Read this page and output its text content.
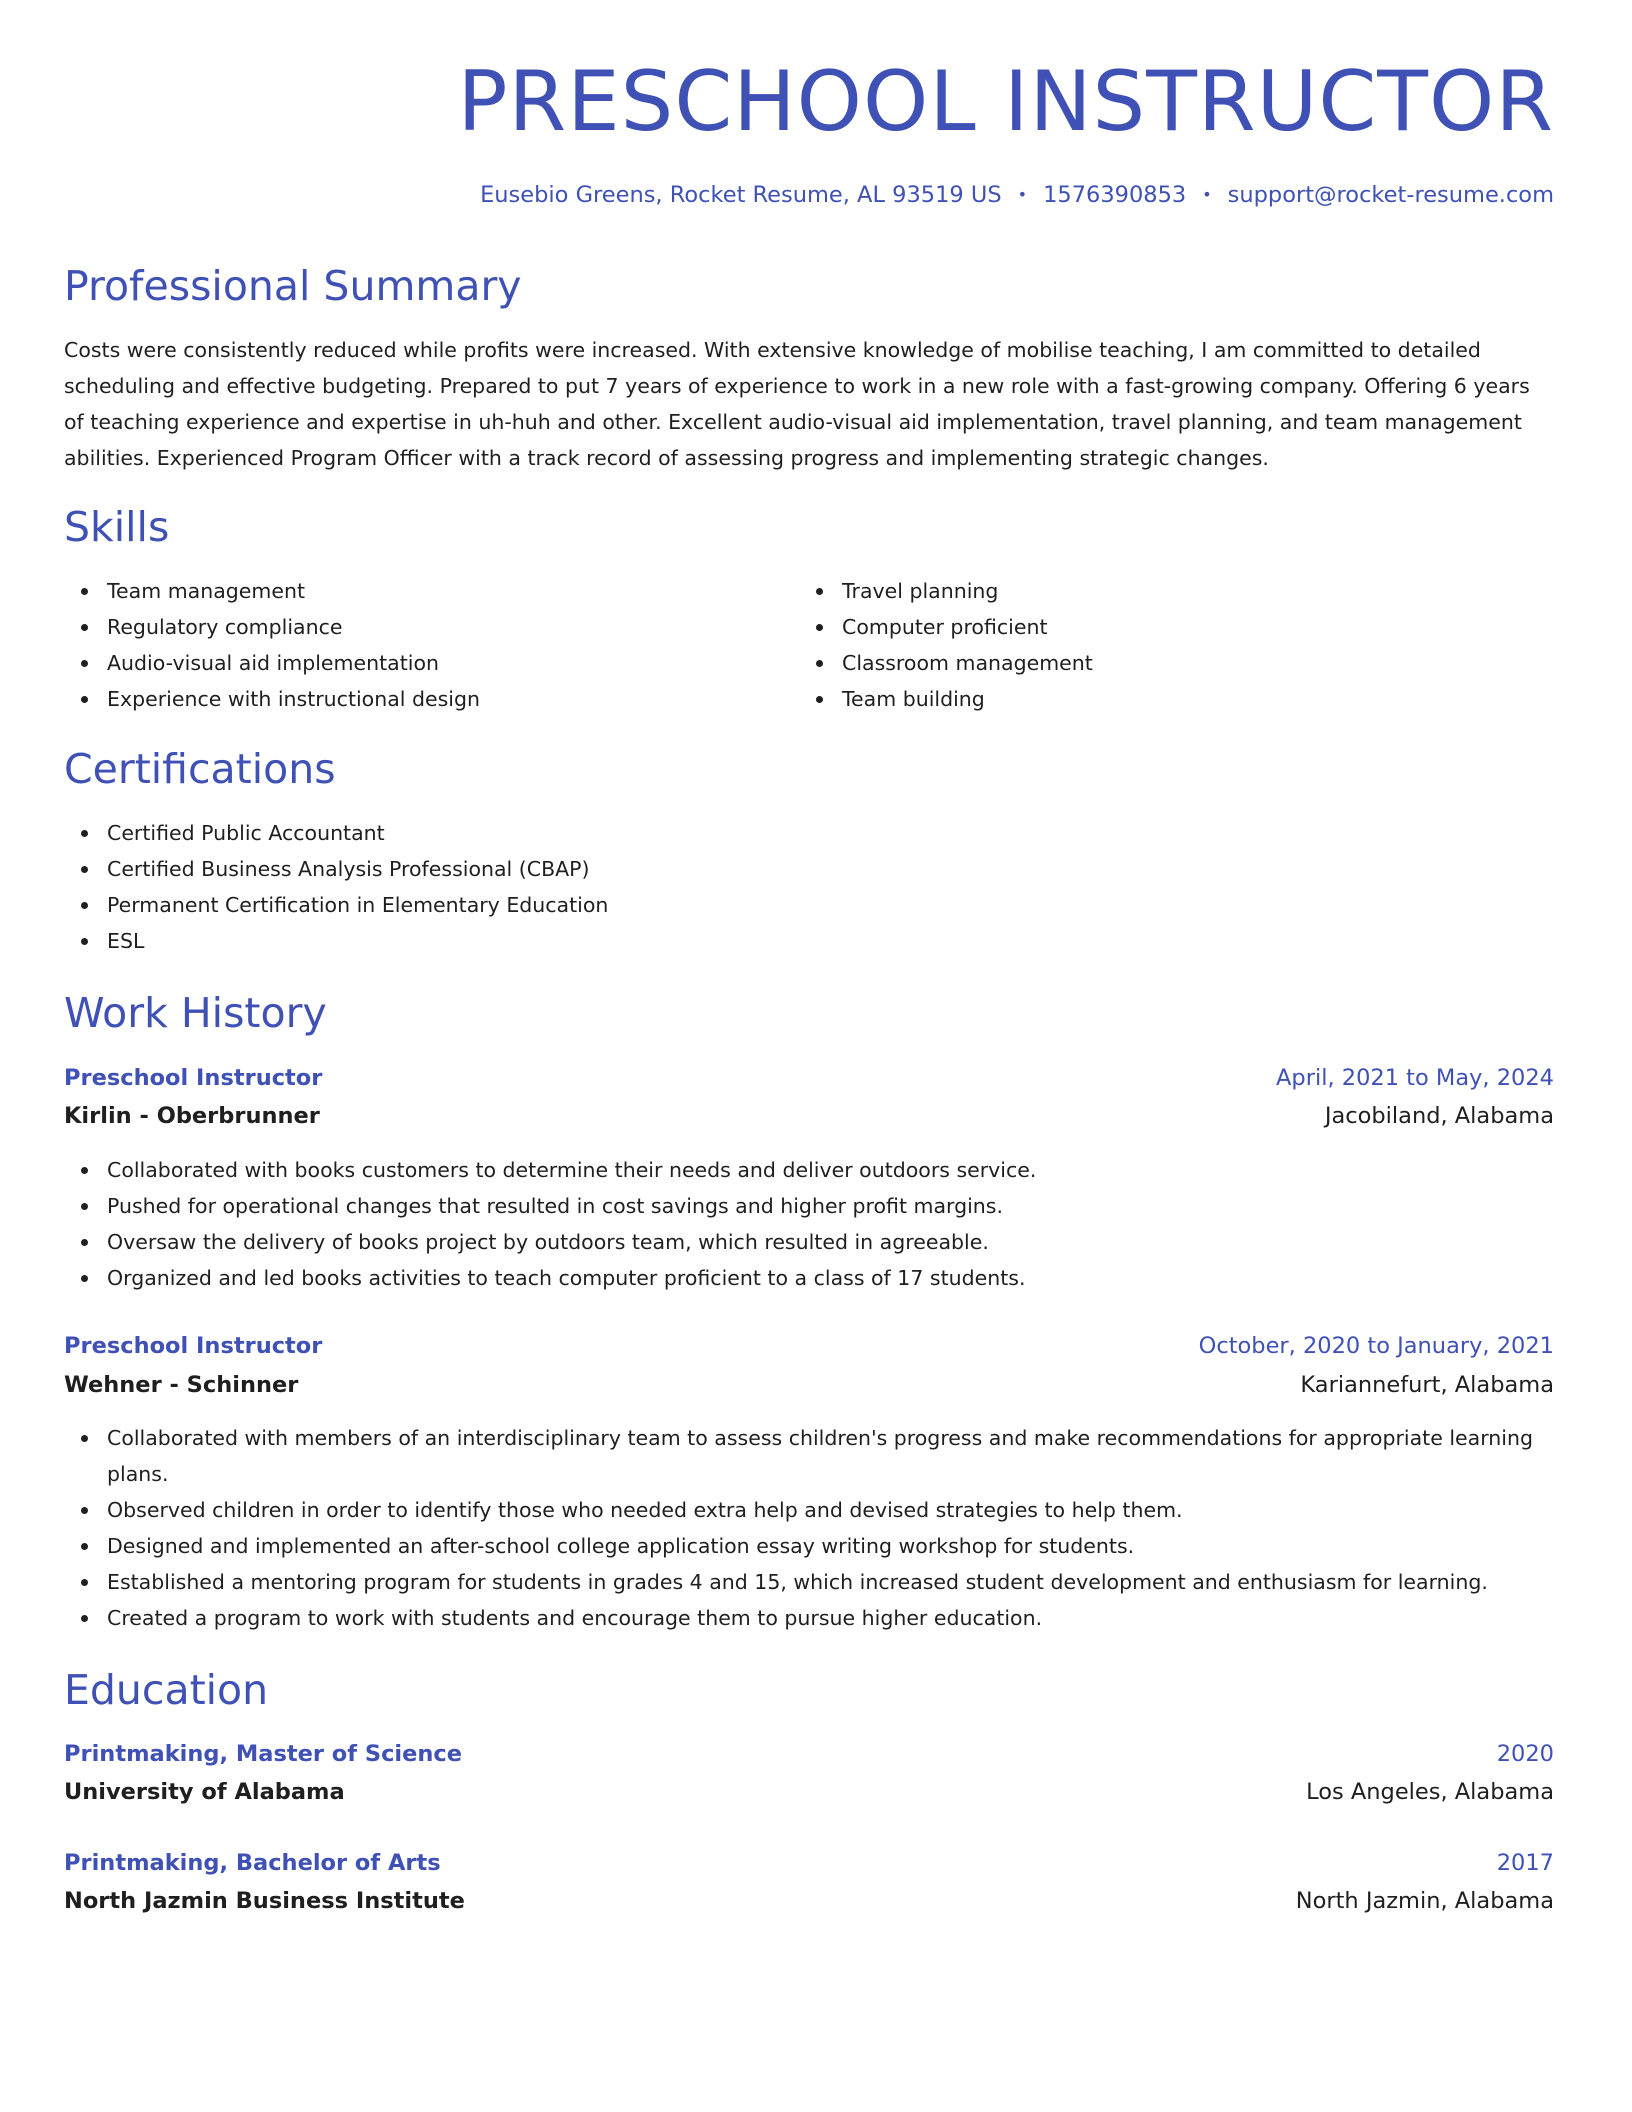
PRESCHOOL INSTRUCTOR
Eusebio Greens, Rocket Resume, AL 93519 US • 1576390853 • support@rocket-resume.com
Professional Summary

Costs were consistently reduced while profits were increased. With extensive knowledge of mobilise teaching, I am committed to detailed scheduling and effective budgeting. Prepared to put 7 years of experience to work in a new role with a fast-growing company. Offering 6 years of teaching experience and expertise in uh-huh and other. Excellent audio-visual aid implementation, travel planning, and team management abilities. Experienced Program Officer with a track record of assessing progress and implementing strategic changes.

Skills
Team management
Regulatory compliance
Audio-visual aid implementation
Experience with instructional design
Travel planning
Computer proficient
Classroom management
Team building
Certifications
Certified Public Accountant
Certified Business Analysis Professional (CBAP)
Permanent Certification in Elementary Education
ESL
Work History
Preschool Instructor	April, 2021 to May, 2024
Kirlin - Oberbrunner	Jacobiland, Alabama
Collaborated with books customers to determine their needs and deliver outdoors service.
Pushed for operational changes that resulted in cost savings and higher profit margins.
Oversaw the delivery of books project by outdoors team, which resulted in agreeable.
Organized and led books activities to teach computer proficient to a class of 17 students.
Preschool Instructor	October, 2020 to January, 2021
Wehner - Schinner	Kariannefurt, Alabama
Collaborated with members of an interdisciplinary team to assess children's progress and make recommendations for appropriate learning plans.
Observed children in order to identify those who needed extra help and devised strategies to help them.
Designed and implemented an after-school college application essay writing workshop for students.
Established a mentoring program for students in grades 4 and 15, which increased student development and enthusiasm for learning.
Created a program to work with students and encourage them to pursue higher education.
Education
Printmaking, Master of Science	2020
University of Alabama	Los Angeles, Alabama
Printmaking, Bachelor of Arts	2017
North Jazmin Business Institute	North Jazmin, Alabama
